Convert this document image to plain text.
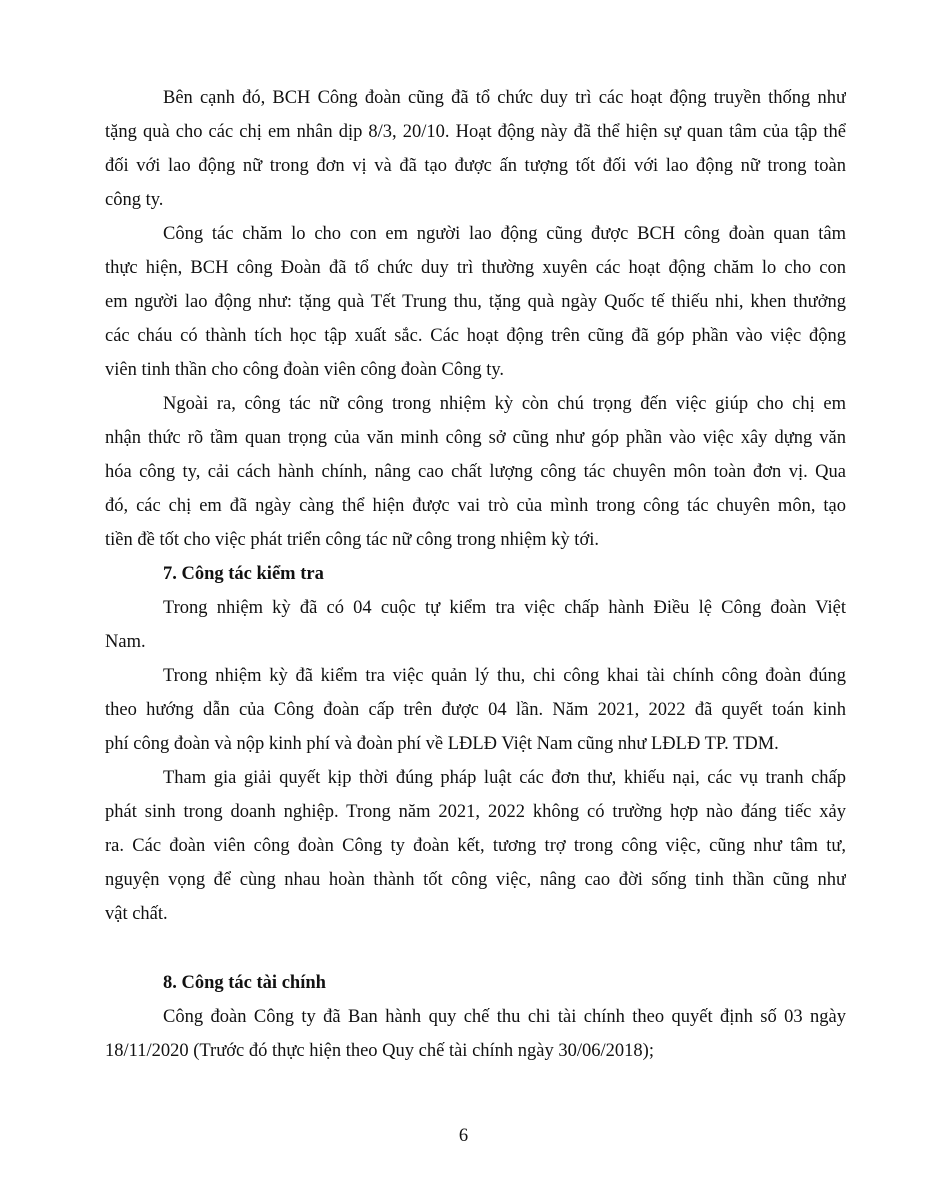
Bên cạnh đó, BCH Công đoàn cũng đã tổ chức duy trì các hoạt động truyền thống như
tặng quà cho các chị em nhân dịp 8/3, 20/10. Hoạt động này đã thể hiện sự quan tâm của tập thể
đối với lao động nữ trong đơn vị và đã tạo được ấn tượng tốt đối với lao động nữ trong toàn
công ty.
Công tác chăm lo cho con em người lao động cũng được BCH công đoàn quan tâm
thực hiện, BCH công Đoàn đã tổ chức duy trì thường xuyên các hoạt động chăm lo cho con
em người lao động như: tặng quà Tết Trung thu, tặng quà ngày Quốc tế thiếu nhi, khen thưởng
các cháu có thành tích học tập xuất sắc. Các hoạt động trên cũng đã góp phần vào việc động
viên tinh thần cho công đoàn viên công đoàn Công ty.
Ngoài ra, công tác nữ công trong nhiệm kỳ còn chú trọng đến việc giúp cho chị em
nhận thức rõ tầm quan trọng của văn minh công sở cũng như góp phần vào việc xây dựng văn
hóa công ty, cải cách hành chính, nâng cao chất lượng công tác chuyên môn toàn đơn vị. Qua
đó, các chị em đã ngày càng thể hiện được vai trò của mình trong công tác chuyên môn, tạo
tiền đề tốt cho việc phát triển công tác nữ công trong nhiệm kỳ tới.
7. Công tác kiểm tra
Trong nhiệm kỳ đã có 04 cuộc tự kiểm tra việc chấp hành Điều lệ Công đoàn Việt
Nam.
Trong nhiệm kỳ đã kiểm tra việc quản lý thu, chi công khai tài chính công đoàn đúng
theo hướng dẫn của Công đoàn cấp trên được 04 lần. Năm 2021, 2022 đã quyết toán kinh
phí công đoàn và nộp kinh phí và đoàn phí về LĐLĐ Việt Nam cũng như LĐLĐ TP. TDM.
Tham gia giải quyết kịp thời đúng pháp luật các đơn thư, khiếu nại, các vụ tranh chấp
phát sinh trong doanh nghiệp. Trong năm 2021, 2022 không có trường hợp nào đáng tiếc xảy
ra. Các đoàn viên công đoàn Công ty đoàn kết, tương trợ trong công việc, cũng như tâm tư,
nguyện vọng để cùng nhau hoàn thành tốt công việc, nâng cao đời sống tinh thần cũng như
vật chất.
8. Công tác tài chính
Công đoàn Công ty đã Ban hành quy chế thu chi tài chính theo quyết định số 03 ngày
18/11/2020 (Trước đó thực hiện theo Quy chế tài chính ngày 30/06/2018);
6
